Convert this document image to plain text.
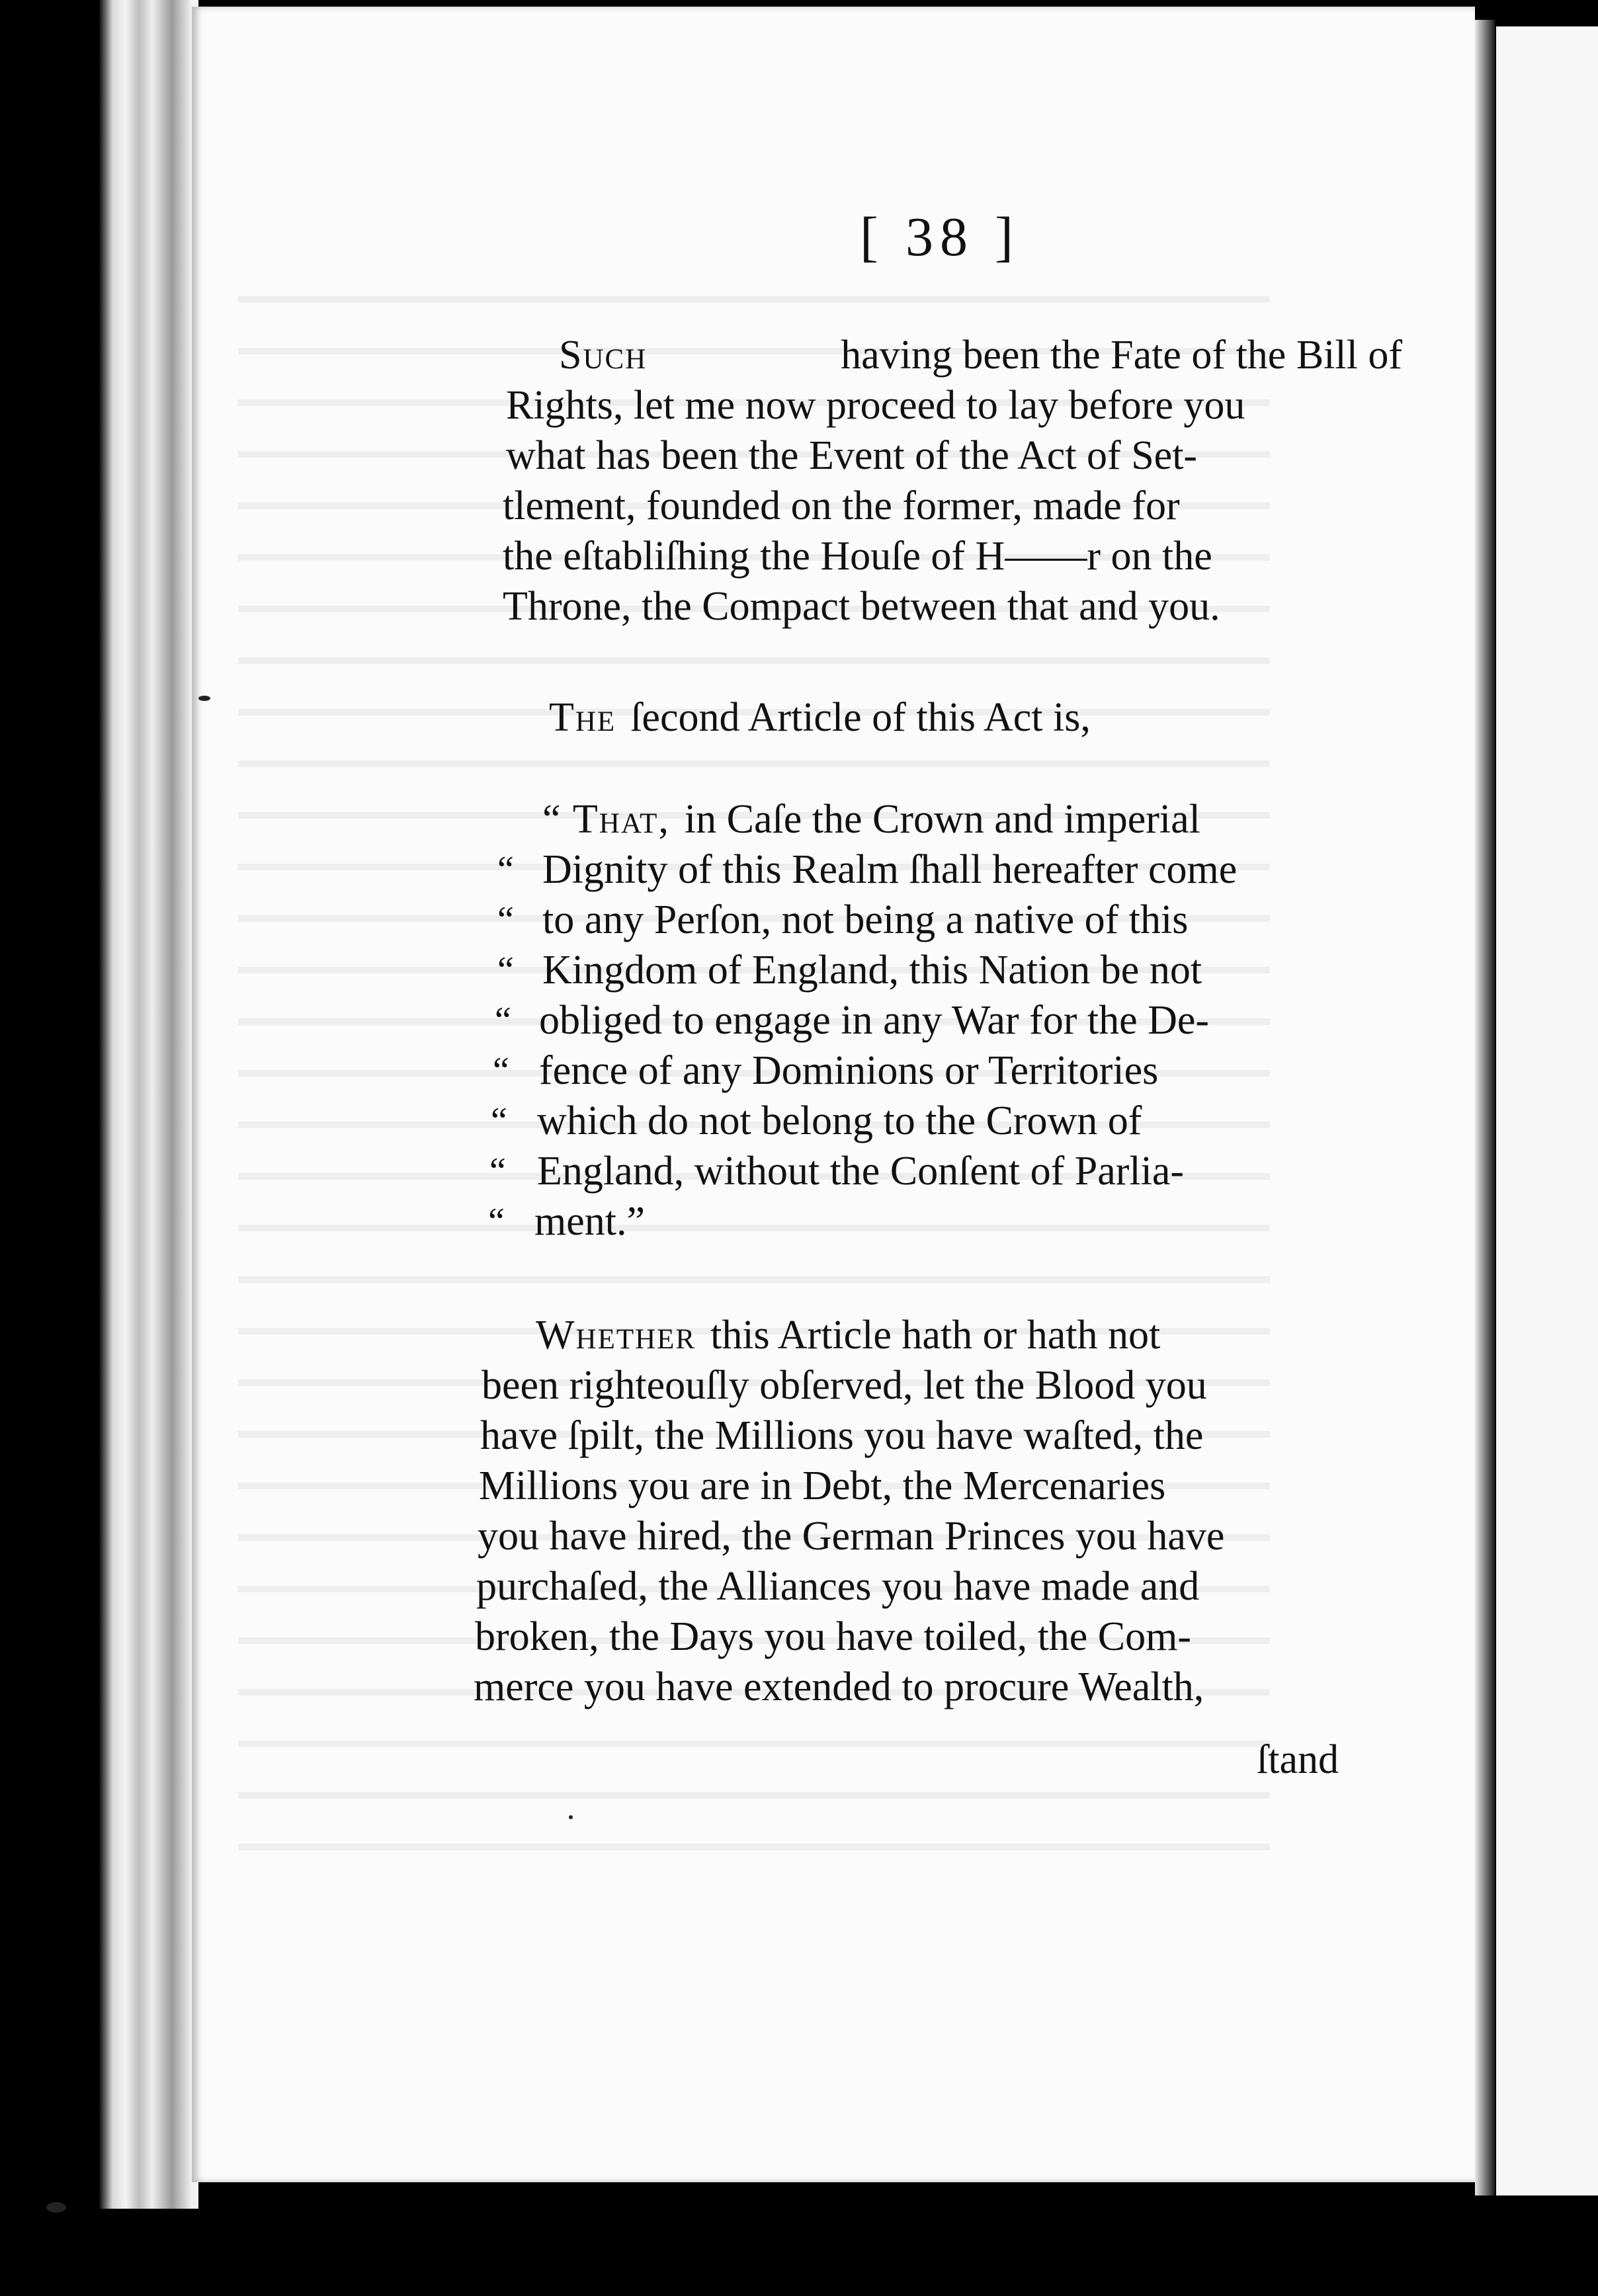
[ 38 ]
Such	having been the Fate of the Bill of
Rights, let me now proceed to lay before you
what has been the Event of the Act of Set-
tlement, founded on the former, made for
the eſtabliſhing the Houſe of H——r on the
Throne, the Compact between that and you.
The ſecond Article of this Act is,
“ That, in Caſe the Crown and imperial
“ Dignity of this Realm ſhall hereafter come
“ to any Perſon, not being a native of this
“ Kingdom of England, this Nation be not
“ obliged to engage in any War for the De-
“ fence of any Dominions or Territories
“ which do not belong to the Crown of
“ England, without the Conſent of Parlia-
“ ment.”
Whether this Article hath or hath not
been righteouſly obſerved, let the Blood you
have ſpilt, the Millions you have waſted, the
Millions you are in Debt, the Mercenaries
you have hired, the German Princes you have
purchaſed, the Alliances you have made and
broken, the Days you have toiled, the Com-
merce you have extended to procure Wealth,
ſtand
